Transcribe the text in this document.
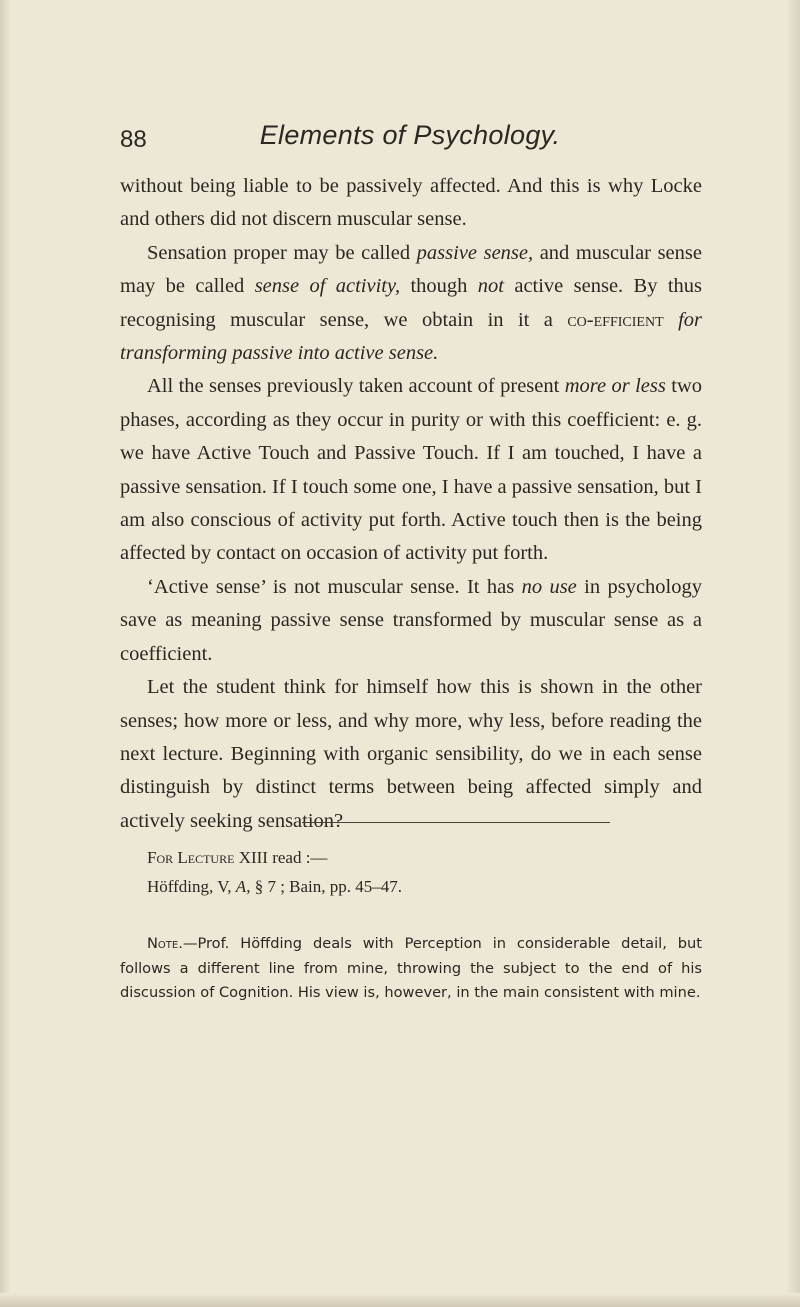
88	Elements of Psychology.

without being liable to be passively affected. And this is why Locke and others did not discern muscular sense.

Sensation proper may be called passive sense, and muscular sense may be called sense of activity, though not active sense. By thus recognising muscular sense, we obtain in it a co-efficient for transforming passive into active sense.

All the senses previously taken account of present more or less two phases, according as they occur in purity or with this coefficient: e. g. we have Active Touch and Passive Touch. If I am touched, I have a passive sensation. If I touch some one, I have a passive sensation, but I am also conscious of activity put forth. Active touch then is the being affected by contact on occasion of activity put forth.

‘Active sense’ is not muscular sense. It has no use in psychology save as meaning passive sense transformed by muscular sense as a coefficient.

Let the student think for himself how this is shown in the other senses; how more or less, and why more, why less, before reading the next lecture. Beginning with organic sensibility, do we in each sense distinguish by distinct terms between being affected simply and actively seeking sensation?

For Lecture XIII read :—

Höffding, V, A, § 7 ; Bain, pp. 45–47.

Note.—Prof. Höffding deals with Perception in considerable detail, but follows a different line from mine, throwing the subject to the end of his discussion of Cognition. His view is, however, in the main consistent with mine.
